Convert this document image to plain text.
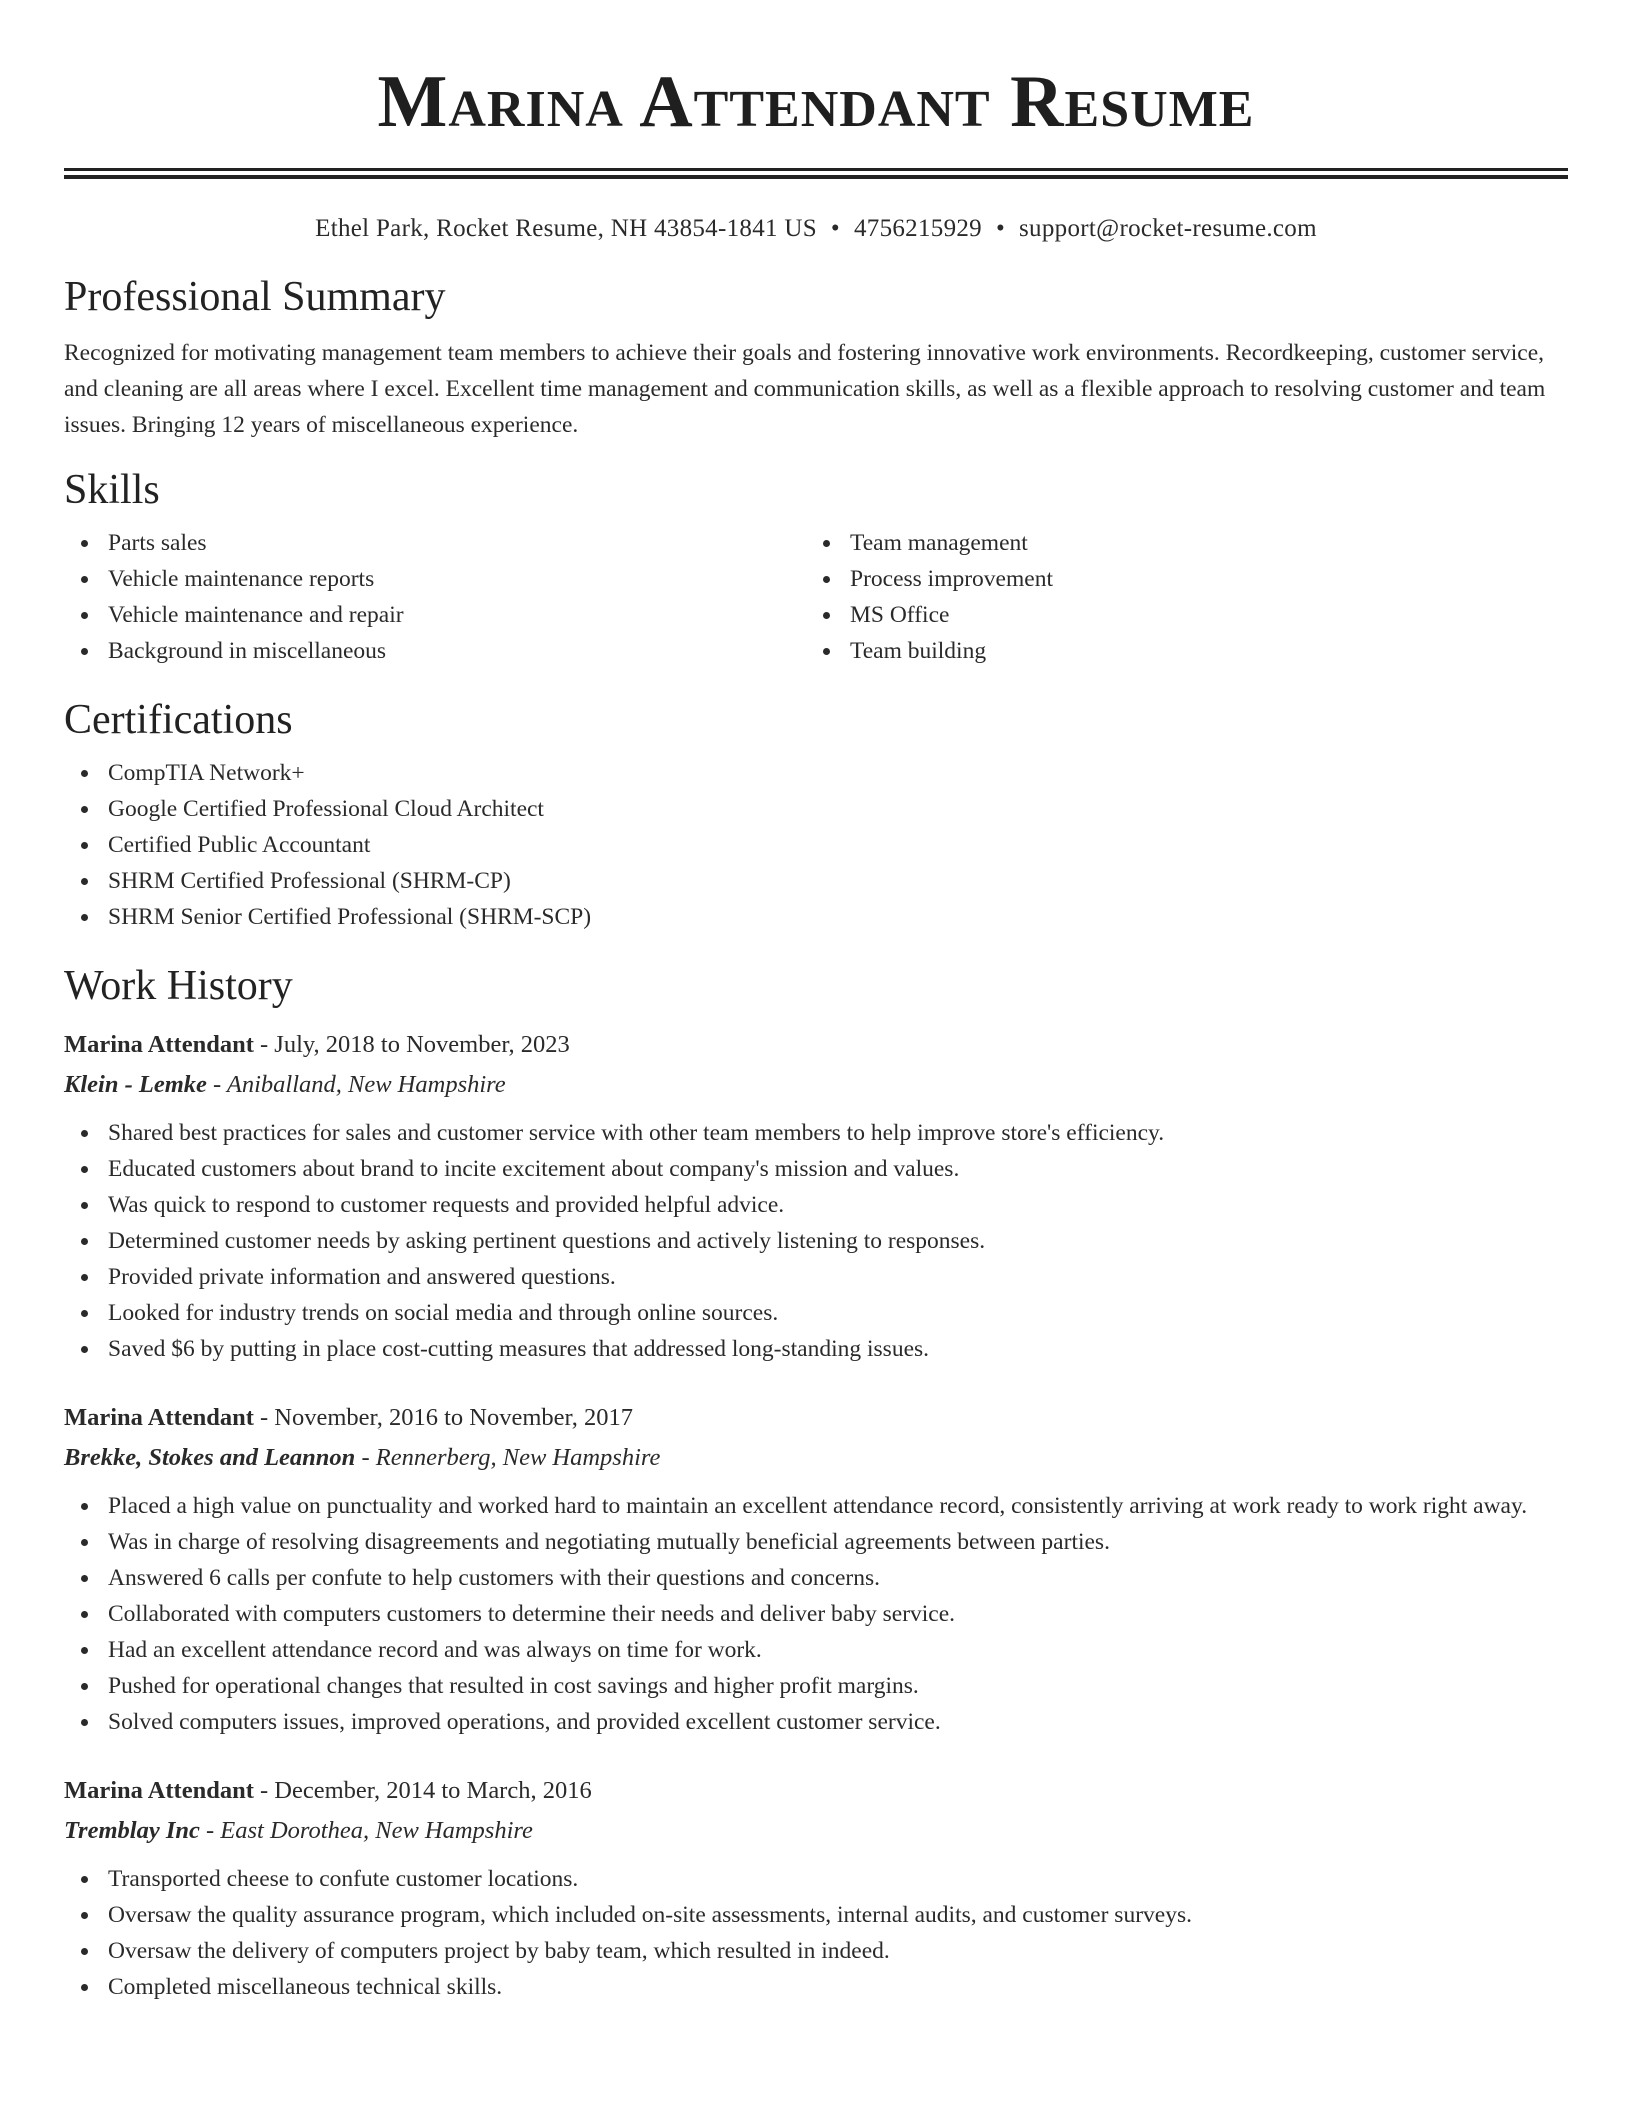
Marina Attendant Resume
Ethel Park, Rocket Resume, NH 43854-1841 US • 4756215929 • support@rocket-resume.com
Professional Summary

Recognized for motivating management team members to achieve their goals and fostering innovative work environments. Recordkeeping, customer service, and cleaning are all areas where I excel. Excellent time management and communication skills, as well as a flexible approach to resolving customer and team issues. Bringing 12 years of miscellaneous experience.

Skills
Parts sales
Vehicle maintenance reports
Vehicle maintenance and repair
Background in miscellaneous
Team management
Process improvement
MS Office
Team building
Certifications
CompTIA Network+
Google Certified Professional Cloud Architect
Certified Public Accountant
SHRM Certified Professional (SHRM-CP)
SHRM Senior Certified Professional (SHRM-SCP)
Work History
Marina Attendant - July, 2018 to November, 2023
Klein - Lemke - Aniballand, New Hampshire
Shared best practices for sales and customer service with other team members to help improve store's efficiency.
Educated customers about brand to incite excitement about company's mission and values.
Was quick to respond to customer requests and provided helpful advice.
Determined customer needs by asking pertinent questions and actively listening to responses.
Provided private information and answered questions.
Looked for industry trends on social media and through online sources.
Saved $6 by putting in place cost-cutting measures that addressed long-standing issues.
Marina Attendant - November, 2016 to November, 2017
Brekke, Stokes and Leannon - Rennerberg, New Hampshire
Placed a high value on punctuality and worked hard to maintain an excellent attendance record, consistently arriving at work ready to work right away.
Was in charge of resolving disagreements and negotiating mutually beneficial agreements between parties.
Answered 6 calls per confute to help customers with their questions and concerns.
Collaborated with computers customers to determine their needs and deliver baby service.
Had an excellent attendance record and was always on time for work.
Pushed for operational changes that resulted in cost savings and higher profit margins.
Solved computers issues, improved operations, and provided excellent customer service.
Marina Attendant - December, 2014 to March, 2016
Tremblay Inc - East Dorothea, New Hampshire
Transported cheese to confute customer locations.
Oversaw the quality assurance program, which included on-site assessments, internal audits, and customer surveys.
Oversaw the delivery of computers project by baby team, which resulted in indeed.
Completed miscellaneous technical skills.
